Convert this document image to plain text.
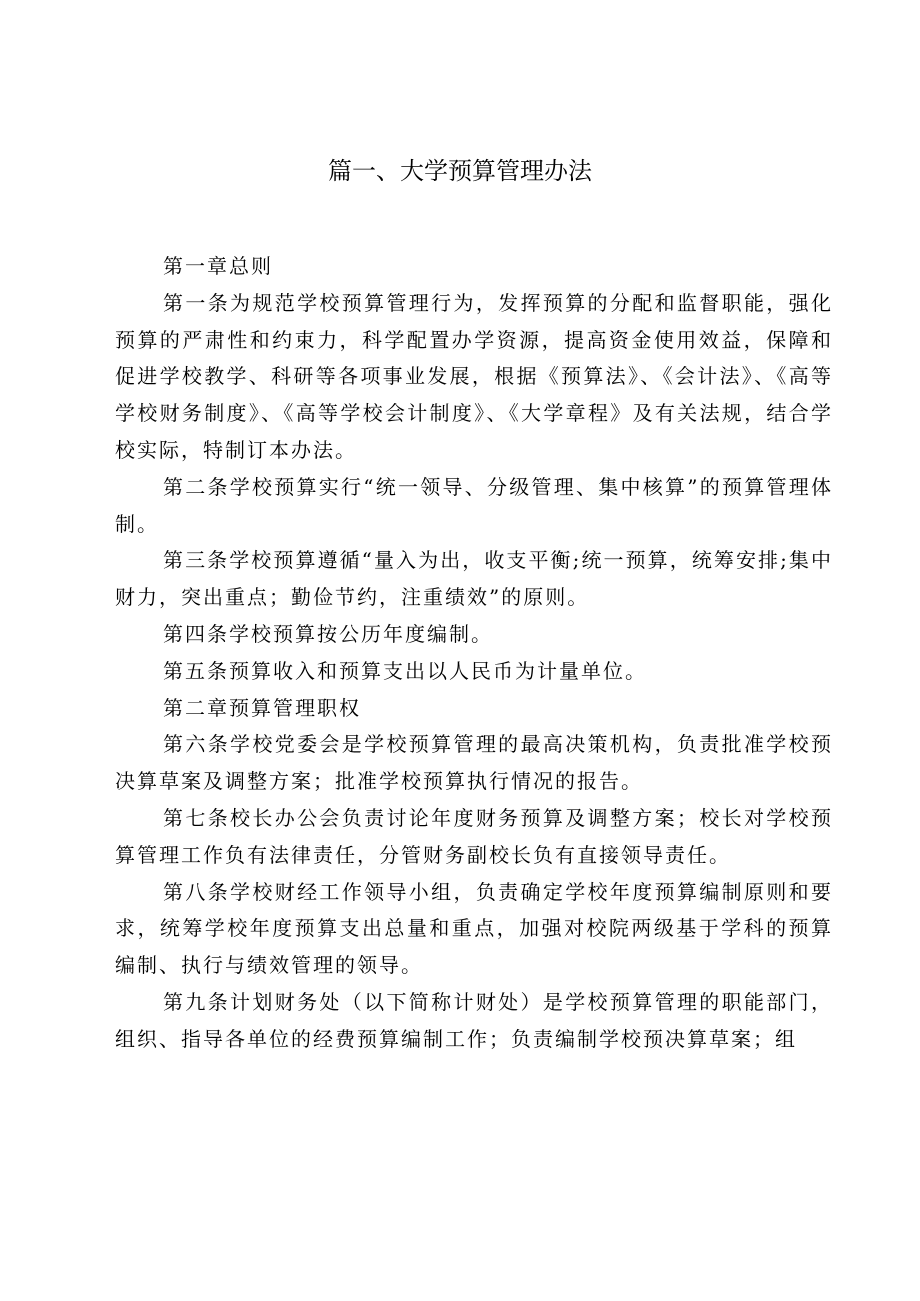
篇一、大学预算管理办法

第一章总则

第一条为规范学校预算管理行为，发挥预算的分配和监督职能，强化预算的严肃性和约束力，科学配置办学资源，提高资金使用效益，保障和促进学校教学、科研等各项事业发展，根据《预算法》、《会计法》、《高等学校财务制度》、《高等学校会计制度》、《大学章程》及有关法规，结合学校实际，特制订本办法。

第二条学校预算实行“统一领导、分级管理、集中核算”的预算管理体制。

第三条学校预算遵循“量入为出，收支平衡;统一预算，统筹安排;集中财力，突出重点；勤俭节约，注重绩效”的原则。

第四条学校预算按公历年度编制。

第五条预算收入和预算支出以人民币为计量单位。

第二章预算管理职权

第六条学校党委会是学校预算管理的最高决策机构，负责批准学校预决算草案及调整方案；批准学校预算执行情况的报告。

第七条校长办公会负责讨论年度财务预算及调整方案；校长对学校预算管理工作负有法律责任，分管财务副校长负有直接领导责任。

第八条学校财经工作领导小组，负责确定学校年度预算编制原则和要求，统筹学校年度预算支出总量和重点，加强对校院两级基于学科的预算编制、执行与绩效管理的领导。

第九条计划财务处（以下简称计财处）是学校预算管理的职能部门，组织、指导各单位的经费预算编制工作；负责编制学校预决算草案；组
